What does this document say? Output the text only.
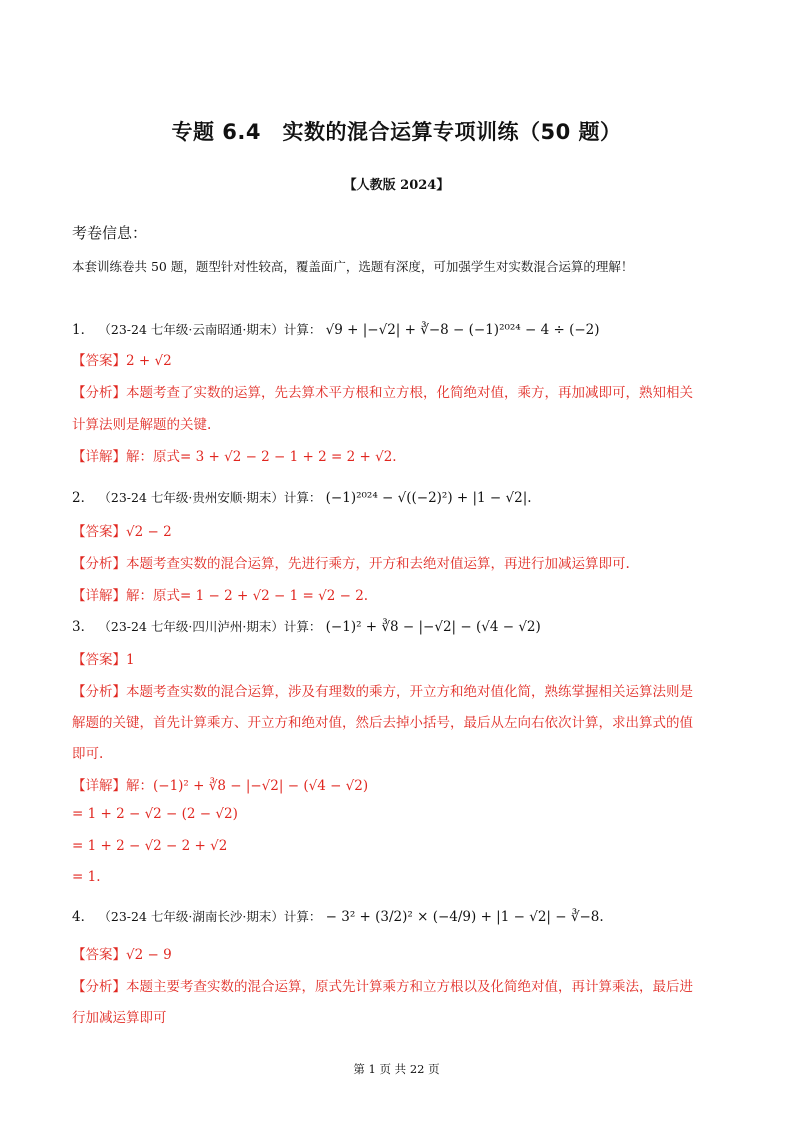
专题 6.4　实数的混合运算专项训练（50 题）
【人教版 2024】
考卷信息：
本套训练卷共 50 题，题型针对性较高，覆盖面广，选题有深度，可加强学生对实数混合运算的理解！
1． （23-24 七年级·云南昭通·期末）计算： √9 + |−√2| + ∛−8 − (−1)²⁰²⁴ − 4 ÷ (−2)
【答案】2 + √2
【分析】本题考查了实数的运算，先去算术平方根和立方根，化简绝对值，乘方，再加减即可，熟知相关
计算法则是解题的关键.
【详解】解：原式= 3 + √2 − 2 − 1 + 2 = 2 + √2.
2． （23-24 七年级·贵州安顺·期末）计算： (−1)²⁰²⁴ − √((−2)²) + |1 − √2|.
【答案】√2 − 2
【分析】本题考查实数的混合运算，先进行乘方，开方和去绝对值运算，再进行加减运算即可.
【详解】解：原式= 1 − 2 + √2 − 1 = √2 − 2.
3． （23-24 七年级·四川泸州·期末）计算： (−1)² + ∛8 − |−√2| − (√4 − √2)
【答案】1
【分析】本题考查实数的混合运算，涉及有理数的乘方，开立方和绝对值化简，熟练掌握相关运算法则是
解题的关键，首先计算乘方、开立方和绝对值，然后去掉小括号，最后从左向右依次计算，求出算式的值
即可.
【详解】解：(−1)² + ∛8 − |−√2| − (√4 − √2)
= 1 + 2 − √2 − (2 − √2)
= 1 + 2 − √2 − 2 + √2
= 1.
4． （23-24 七年级·湖南长沙·期末）计算： − 3² + (3/2)² × (−4/9) + |1 − √2| − ∛−8.
【答案】√2 − 9
【分析】本题主要考查实数的混合运算，原式先计算乘方和立方根以及化简绝对值，再计算乘法，最后进
行加减运算即可
第 1 页 共 22 页
